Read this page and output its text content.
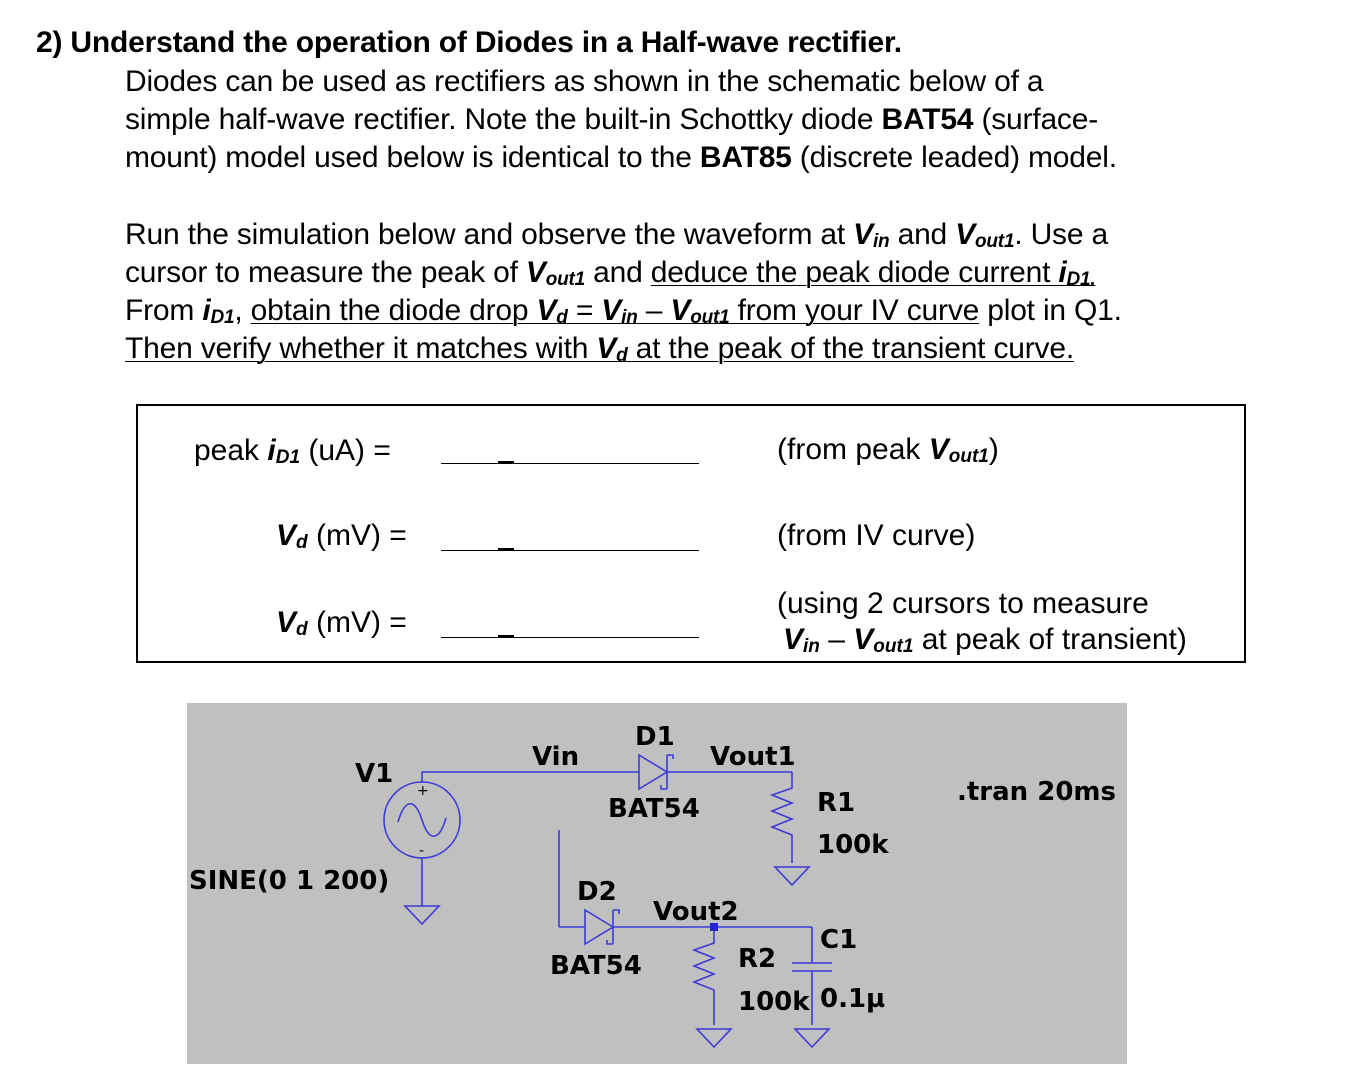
2) Understand the operation of Diodes in a Half-wave rectifier.
Diodes can be used as rectifiers as shown in the schematic below of a
simple half-wave rectifier. Note the built-in Schottky diode BAT54 (surface-
mount) model used below is identical to the BAT85 (discrete leaded) model.
Run the simulation below and observe the waveform at Vin and Vout1. Use a
cursor to measure the peak of Vout1 and deduce the peak diode current iD1.
From iD1, obtain the diode drop Vd = Vin – Vout1 from your IV curve plot in Q1.
Then verify whether it matches with Vd at the peak of the transient curve.
peak iD1 (uA) =	(from peak Vout1)
Vd (mV) =	(from IV curve)
Vd (mV) =
(using 2 cursors to measure
Vin – Vout1 at peak of transient)
+
-
V1
SINE(0 1 200)
Vin
D1
BAT54
Vout1
R1
100k
.tran 20ms
D2
BAT54
Vout2
R2
100k
C1
0.1µ
